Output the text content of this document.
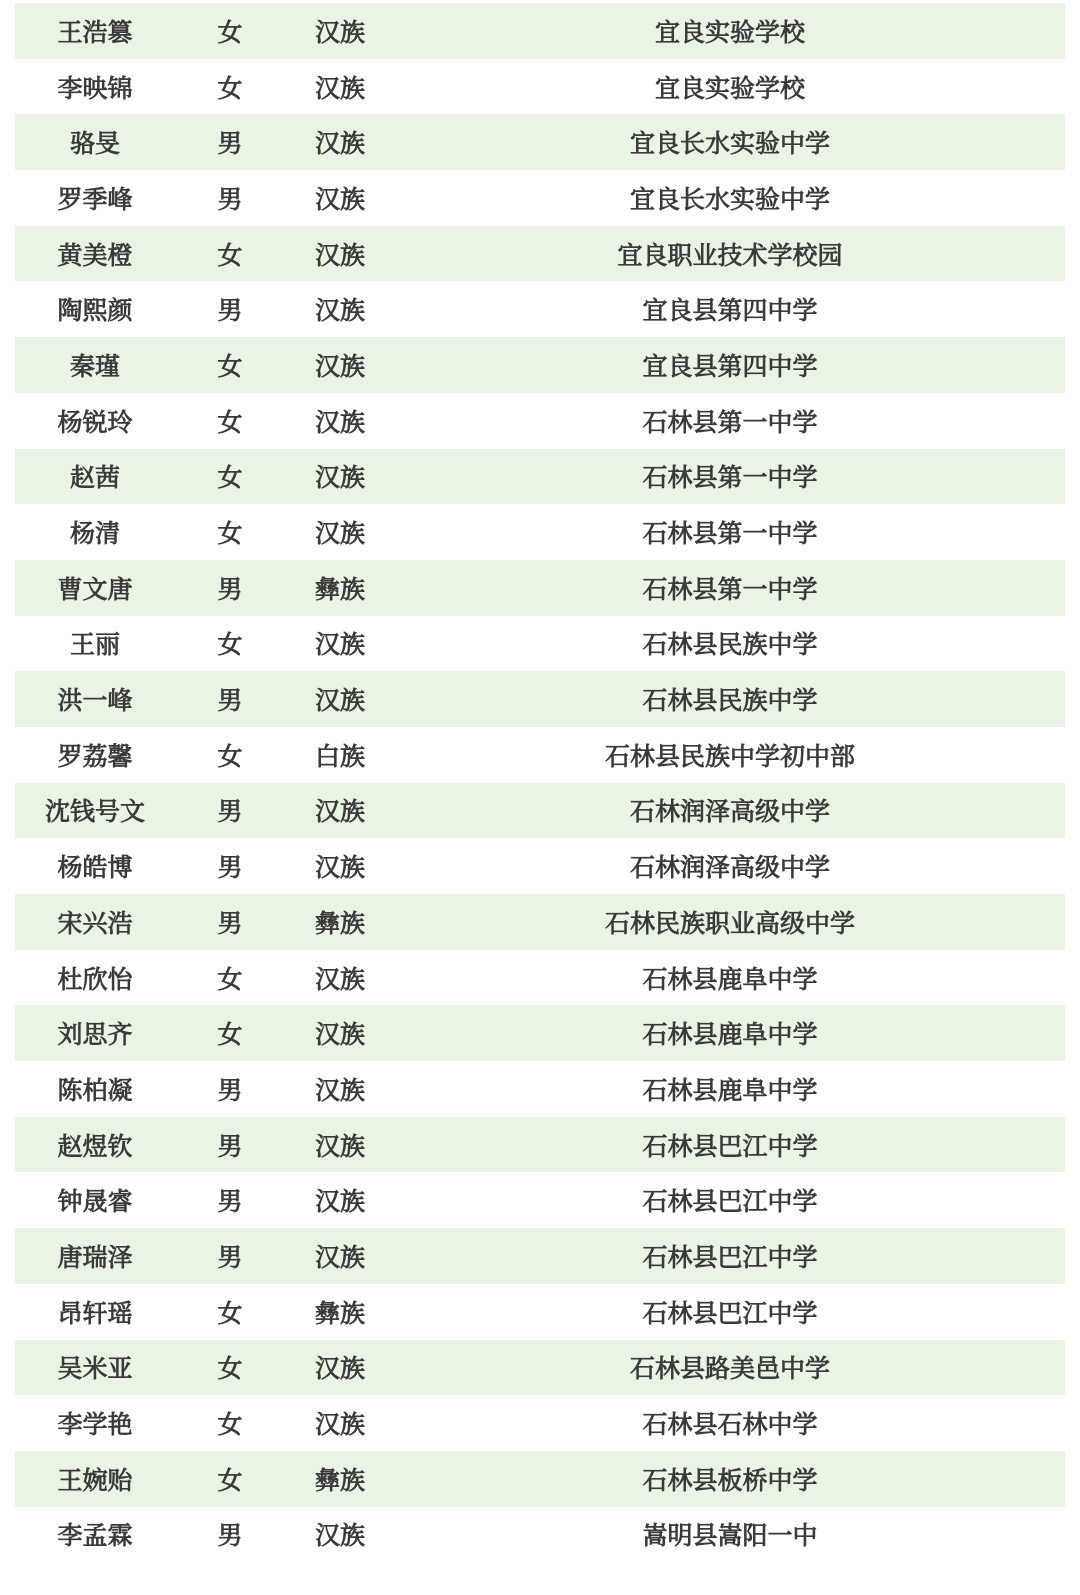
王浩篡	女	汉族	宜良实验学校
李映锦	女	汉族	宜良实验学校
骆旻	男	汉族	宜良长水实验中学
罗季峰	男	汉族	宜良长水实验中学
黄美橙	女	汉族	宜良职业技术学校园
陶熙颜	男	汉族	宜良县第四中学
秦瑾	女	汉族	宜良县第四中学
杨锐玲	女	汉族	石林县第一中学
赵茜	女	汉族	石林县第一中学
杨清	女	汉族	石林县第一中学
曹文唐	男	彝族	石林县第一中学
王丽	女	汉族	石林县民族中学
洪一峰	男	汉族	石林县民族中学
罗荔馨	女	白族	石林县民族中学初中部
沈钱号文	男	汉族	石林润泽高级中学
杨皓博	男	汉族	石林润泽高级中学
宋兴浩	男	彝族	石林民族职业高级中学
杜欣怡	女	汉族	石林县鹿阜中学
刘思齐	女	汉族	石林县鹿阜中学
陈柏凝	男	汉族	石林县鹿阜中学
赵煜钦	男	汉族	石林县巴江中学
钟晟睿	男	汉族	石林县巴江中学
唐瑞泽	男	汉族	石林县巴江中学
昂轩瑶	女	彝族	石林县巴江中学
吴米亚	女	汉族	石林县路美邑中学
李学艳	女	汉族	石林县石林中学
王婉贻	女	彝族	石林县板桥中学
李孟霖	男	汉族	嵩明县嵩阳一中
